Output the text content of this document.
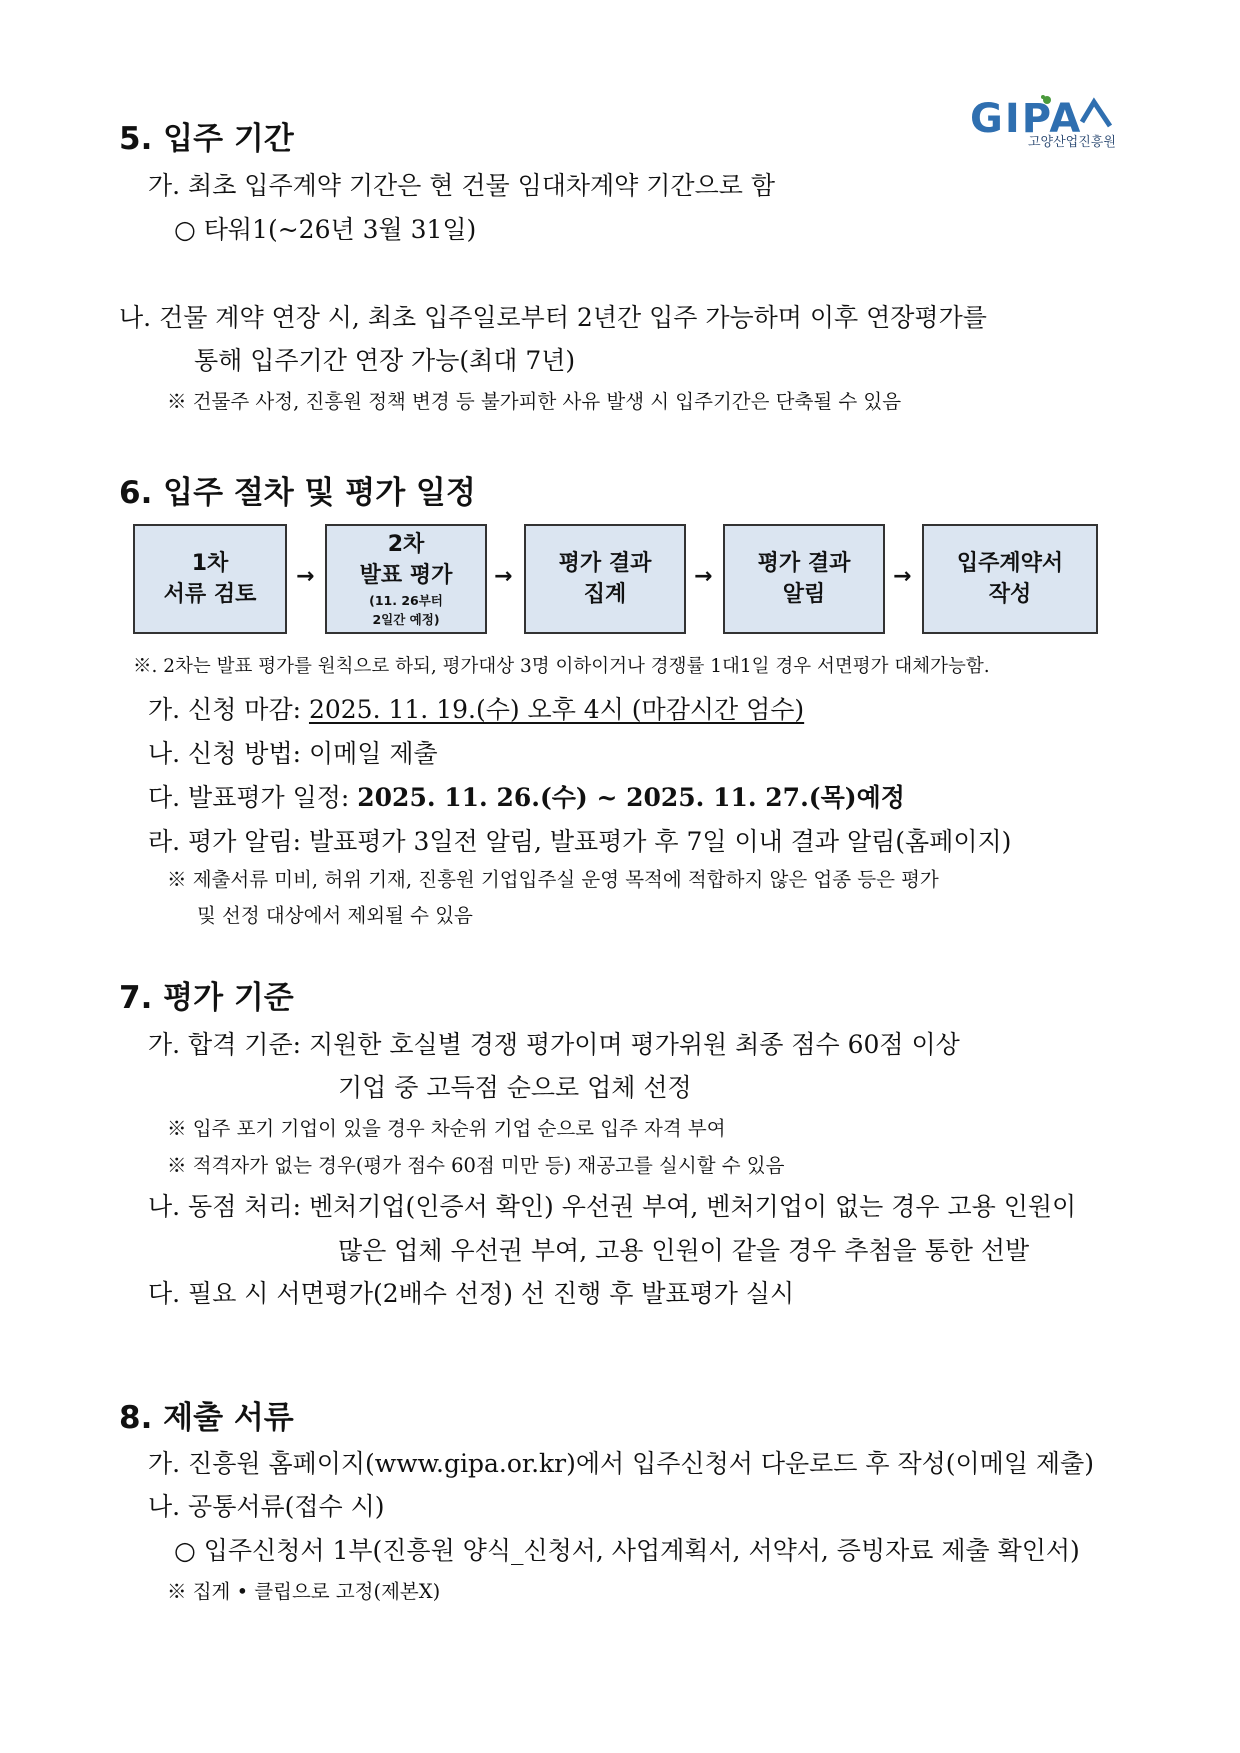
GIPA
고양산업진흥원
5. 입주 기간
가. 최초 입주계약 기간은 현 건물 임대차계약 기간으로 함
○ 타워1(~26년 3월 31일)
나. 건물 계약 연장 시, 최초 입주일로부터 2년간 입주 가능하며 이후 연장평가를
통해 입주기간 연장 가능(최대 7년)
※ 건물주 사정, 진흥원 정책 변경 등 불가피한 사유 발생 시 입주기간은 단축될 수 있음
6. 입주 절차 및 평가 일정
1차
서류 검토
→
2차
발표 평가
(11. 26부터
2일간 예정)
→
평가 결과
집계
→
평가 결과
알림
→
입주계약서
작성
※. 2차는 발표 평가를 원칙으로 하되, 평가대상 3명 이하이거나 경쟁률 1대1일 경우 서면평가 대체가능함.
가. 신청 마감: 2025. 11. 19.(수) 오후 4시 (마감시간 엄수)
나. 신청 방법: 이메일 제출
다. 발표평가 일정: 2025. 11. 26.(수) ~ 2025. 11. 27.(목)예정
라. 평가 알림: 발표평가 3일전 알림, 발표평가 후 7일 이내 결과 알림(홈페이지)
※ 제출서류 미비, 허위 기재, 진흥원 기업입주실 운영 목적에 적합하지 않은 업종 등은 평가
및 선정 대상에서 제외될 수 있음
7. 평가 기준
가. 합격 기준: 지원한 호실별 경쟁 평가이며 평가위원 최종 점수 60점 이상
기업 중 고득점 순으로 업체 선정
※ 입주 포기 기업이 있을 경우 차순위 기업 순으로 입주 자격 부여
※ 적격자가 없는 경우(평가 점수 60점 미만 등) 재공고를 실시할 수 있음
나. 동점 처리: 벤처기업(인증서 확인) 우선권 부여, 벤처기업이 없는 경우 고용 인원이
많은 업체 우선권 부여, 고용 인원이 같을 경우 추첨을 통한 선발
다. 필요 시 서면평가(2배수 선정) 선 진행 후 발표평가 실시
8. 제출 서류
가. 진흥원 홈페이지(www.gipa.or.kr)에서 입주신청서 다운로드 후 작성(이메일 제출)
나. 공통서류(접수 시)
○ 입주신청서 1부(진흥원 양식_신청서, 사업계획서, 서약서, 증빙자료 제출 확인서)
※ 집게 • 클립으로 고정(제본X)
